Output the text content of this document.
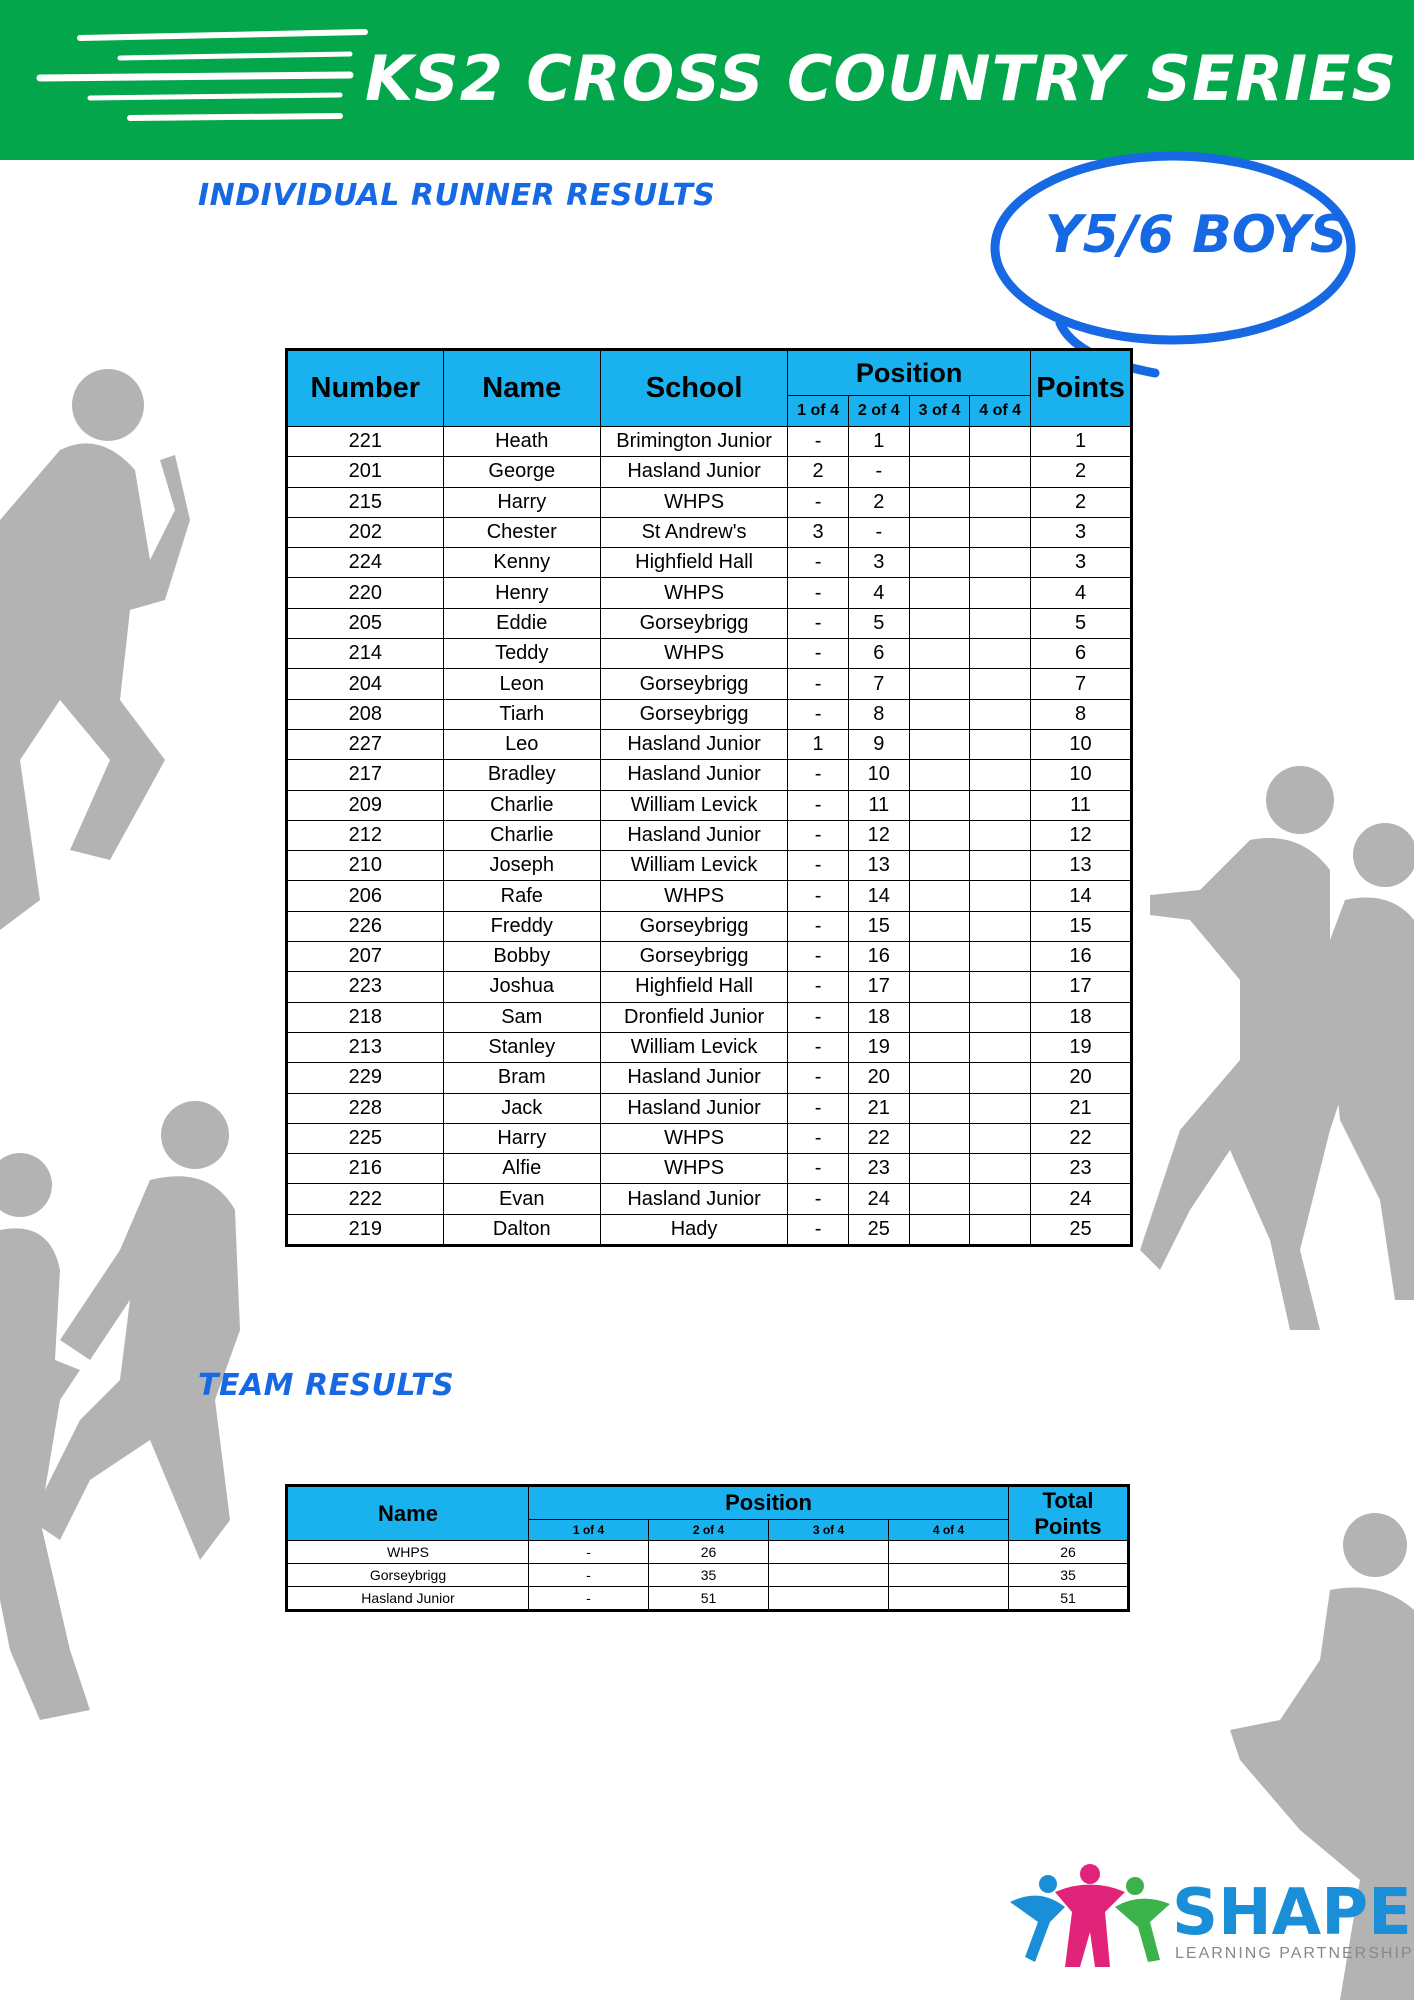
KS2 CROSS COUNTRY SERIES
INDIVIDUAL RUNNER RESULTS
TEAM RESULTS
Y5/6 BOYS
Number	Name	School	Position				Points
			1 of 4	2 of 4	3 of 4	4 of 4	
221	Heath	Brimington Junior	-	1			1
201	George	Hasland Junior	2	-			2
215	Harry	WHPS	-	2			2
202	Chester	St Andrew's	3	-			3
224	Kenny	Highfield Hall	-	3			3
220	Henry	WHPS	-	4			4
205	Eddie	Gorseybrigg	-	5			5
214	Teddy	WHPS	-	6			6
204	Leon	Gorseybrigg	-	7			7
208	Tiarh	Gorseybrigg	-	8			8
227	Leo	Hasland Junior	1	9			10
217	Bradley	Hasland Junior	-	10			10
209	Charlie	William Levick	-	11			11
212	Charlie	Hasland Junior	-	12			12
210	Joseph	William Levick	-	13			13
206	Rafe	WHPS	-	14			14
226	Freddy	Gorseybrigg	-	15			15
207	Bobby	Gorseybrigg	-	16			16
223	Joshua	Highfield Hall	-	17			17
218	Sam	Dronfield Junior	-	18			18
213	Stanley	William Levick	-	19			19
229	Bram	Hasland Junior	-	20			20
228	Jack	Hasland Junior	-	21			21
225	Harry	WHPS	-	22			22
216	Alfie	WHPS	-	23			23
222	Evan	Hasland Junior	-	24			24
219	Dalton	Hady	-	25			25
Name	Position				Total Points
	1 of 4	2 of 4	3 of 4	4 of 4	
WHPS	-	26			26
Gorseybrigg	-	35			35
Hasland Junior	-	51			51
SHAPE
LEARNING PARTNERSHIP
